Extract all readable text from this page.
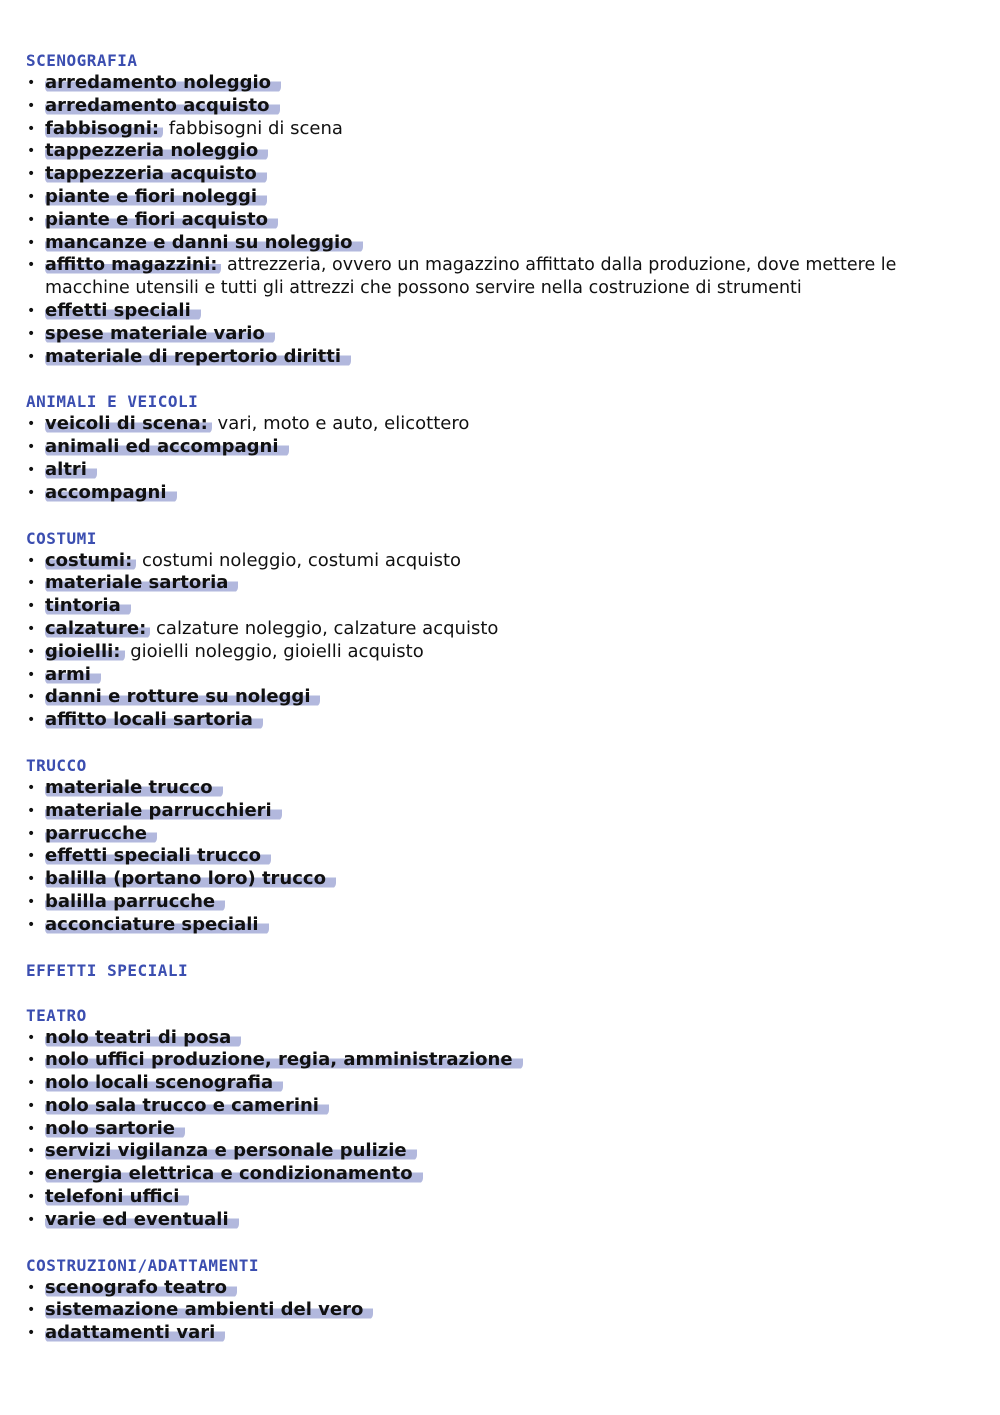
SCENOGRAFIA
• arredamento noleggio
• arredamento acquisto
• fabbisogni: fabbisogni di scena
• tappezzeria noleggio
• tappezzeria acquisto
• piante e fiori noleggi
• piante e fiori acquisto
• mancanze e danni su noleggio
• affitto magazzini: attrezzeria, ovvero un magazzino affittato dalla produzione, dove mettere le macchine utensili e tutti gli attrezzi che possono servire nella costruzione di strumenti
• effetti speciali
• spese materiale vario
• materiale di repertorio diritti
ANIMALI E VEICOLI
• veicoli di scena: vari, moto e auto, elicottero
• animali ed accompagni
• altri
• accompagni
COSTUMI
• costumi: costumi noleggio, costumi acquisto
• materiale sartoria
• tintoria
• calzature: calzature noleggio, calzature acquisto
• gioielli: gioielli noleggio, gioielli acquisto
• armi
• danni e rotture su noleggi
• affitto locali sartoria
TRUCCO
• materiale trucco
• materiale parrucchieri
• parrucche
• effetti speciali trucco
• balilla (portano loro) trucco
• balilla parrucche
• acconciature speciali
EFFETTI SPECIALI
TEATRO
• nolo teatri di posa
• nolo uffici produzione, regia, amministrazione
• nolo locali scenografia
• nolo sala trucco e camerini
• nolo sartorie
• servizi vigilanza e personale pulizie
• energia elettrica e condizionamento
• telefoni uffici
• varie ed eventuali
COSTRUZIONI/ADATTAMENTI
• scenografo teatro
• sistemazione ambienti del vero
• adattamenti vari
